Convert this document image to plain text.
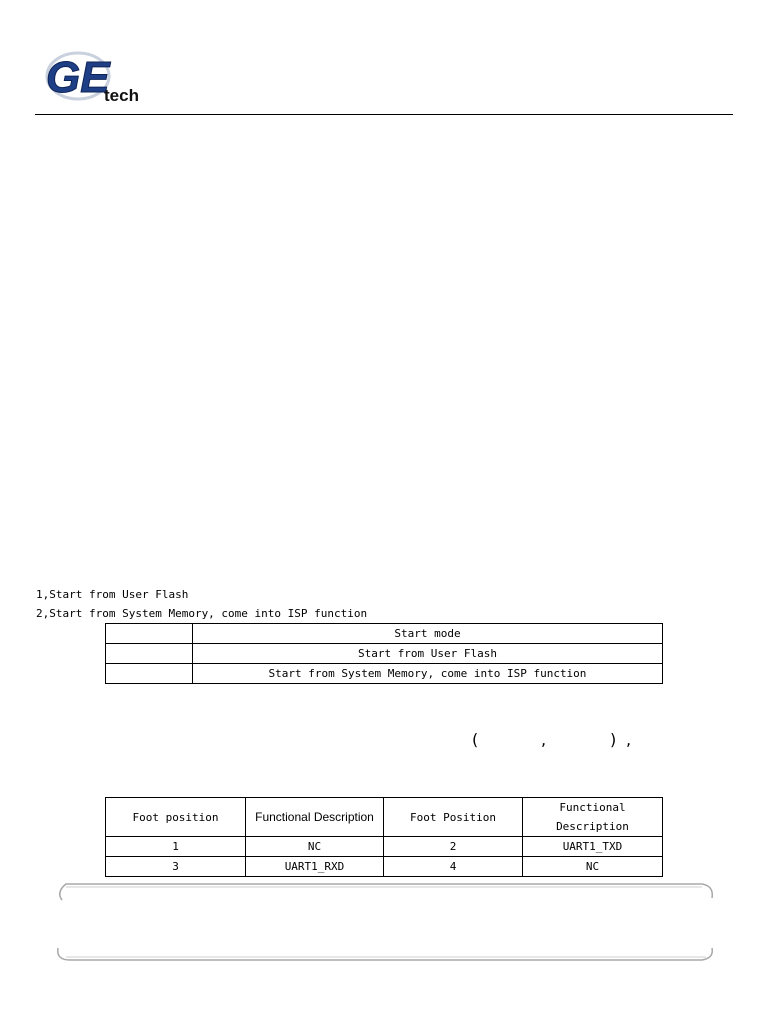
GE
tech
1,Start from User Flash
2,Start from System Memory, come into ISP function
	Start mode
	Start from User Flash
	Start from System Memory, come into ISP function
(	,	) ,
Foot position	Functional Description	Foot Position	Functional Description
1	NC	2	UART1_TXD
3	UART1_RXD	4	NC
